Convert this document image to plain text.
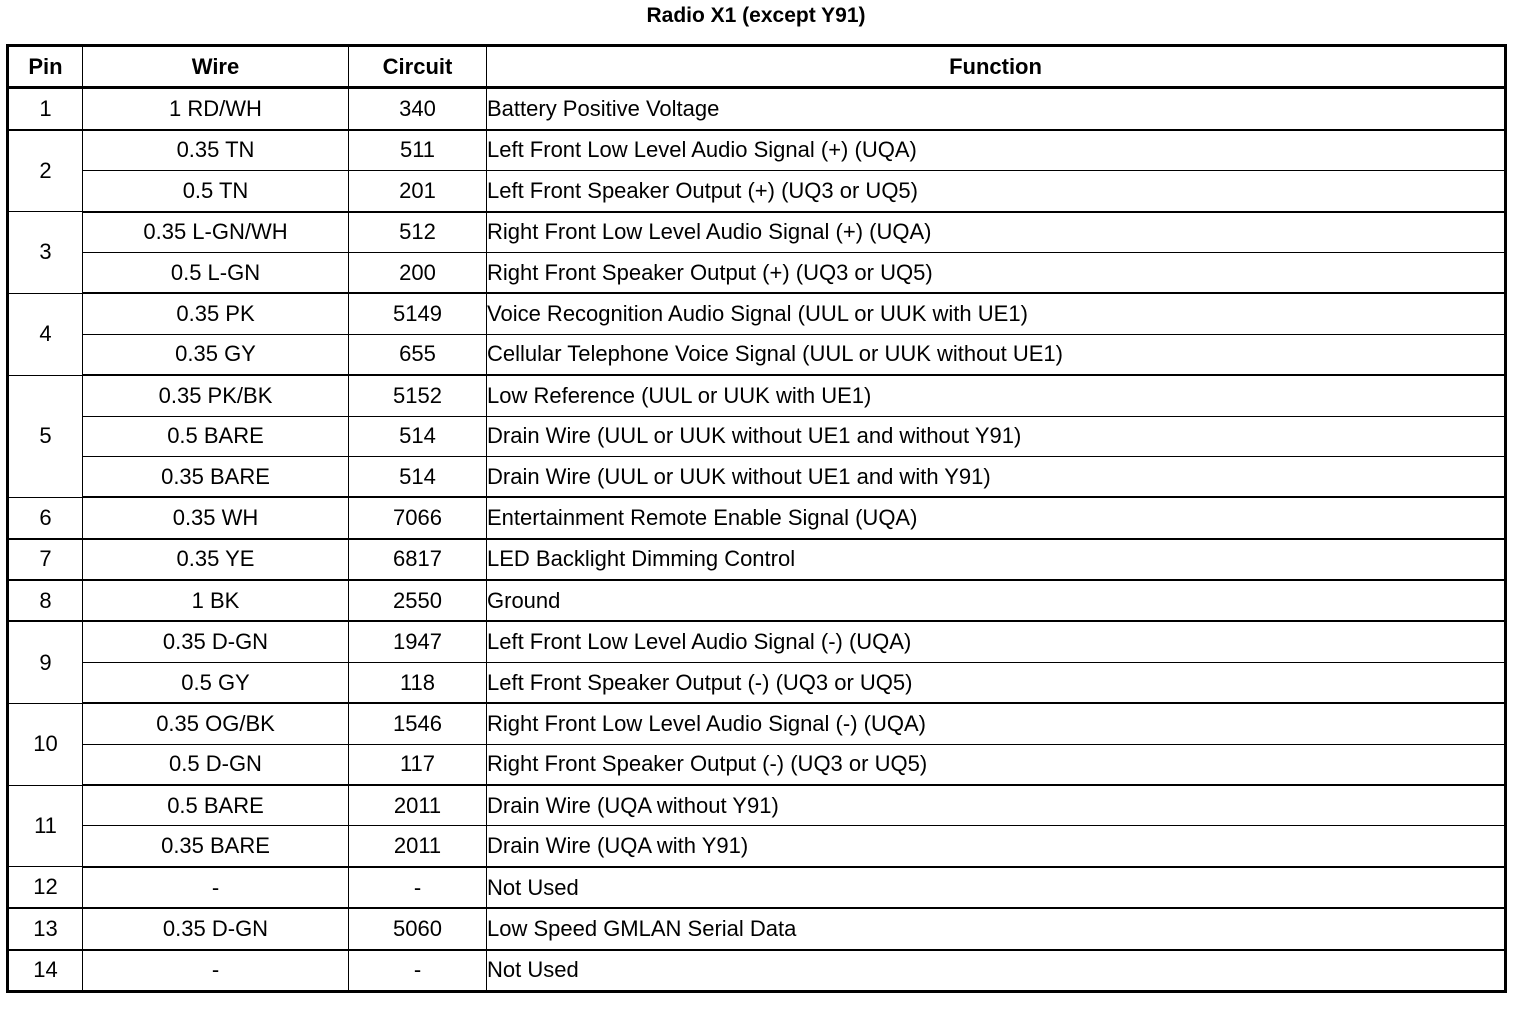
Radio X1 (except Y91)
Pin	Wire	Circuit	Function
1	1 RD/WH	340	Battery Positive Voltage
2	0.35 TN	511	Left Front Low Level Audio Signal (+) (UQA)
	0.5 TN	201	Left Front Speaker Output (+) (UQ3 or UQ5)
3	0.35 L-GN/WH	512	Right Front Low Level Audio Signal (+) (UQA)
	0.5 L-GN	200	Right Front Speaker Output (+) (UQ3 or UQ5)
4	0.35 PK	5149	Voice Recognition Audio Signal (UUL or UUK with UE1)
	0.35 GY	655	Cellular Telephone Voice Signal (UUL or UUK without UE1)
5	0.35 PK/BK	5152	Low Reference (UUL or UUK with UE1)
	0.5 BARE	514	Drain Wire (UUL or UUK without UE1 and without Y91)
	0.35 BARE	514	Drain Wire (UUL or UUK without UE1 and with Y91)
6	0.35 WH	7066	Entertainment Remote Enable Signal (UQA)
7	0.35 YE	6817	LED Backlight Dimming Control
8	1 BK	2550	Ground
9	0.35 D-GN	1947	Left Front Low Level Audio Signal (-) (UQA)
	0.5 GY	118	Left Front Speaker Output (-) (UQ3 or UQ5)
10	0.35 OG/BK	1546	Right Front Low Level Audio Signal (-) (UQA)
	0.5 D-GN	117	Right Front Speaker Output (-) (UQ3 or UQ5)
11	0.5 BARE	2011	Drain Wire (UQA without Y91)
	0.35 BARE	2011	Drain Wire (UQA with Y91)
12	-	-	Not Used
13	0.35 D-GN	5060	Low Speed GMLAN Serial Data
14	-	-	Not Used
